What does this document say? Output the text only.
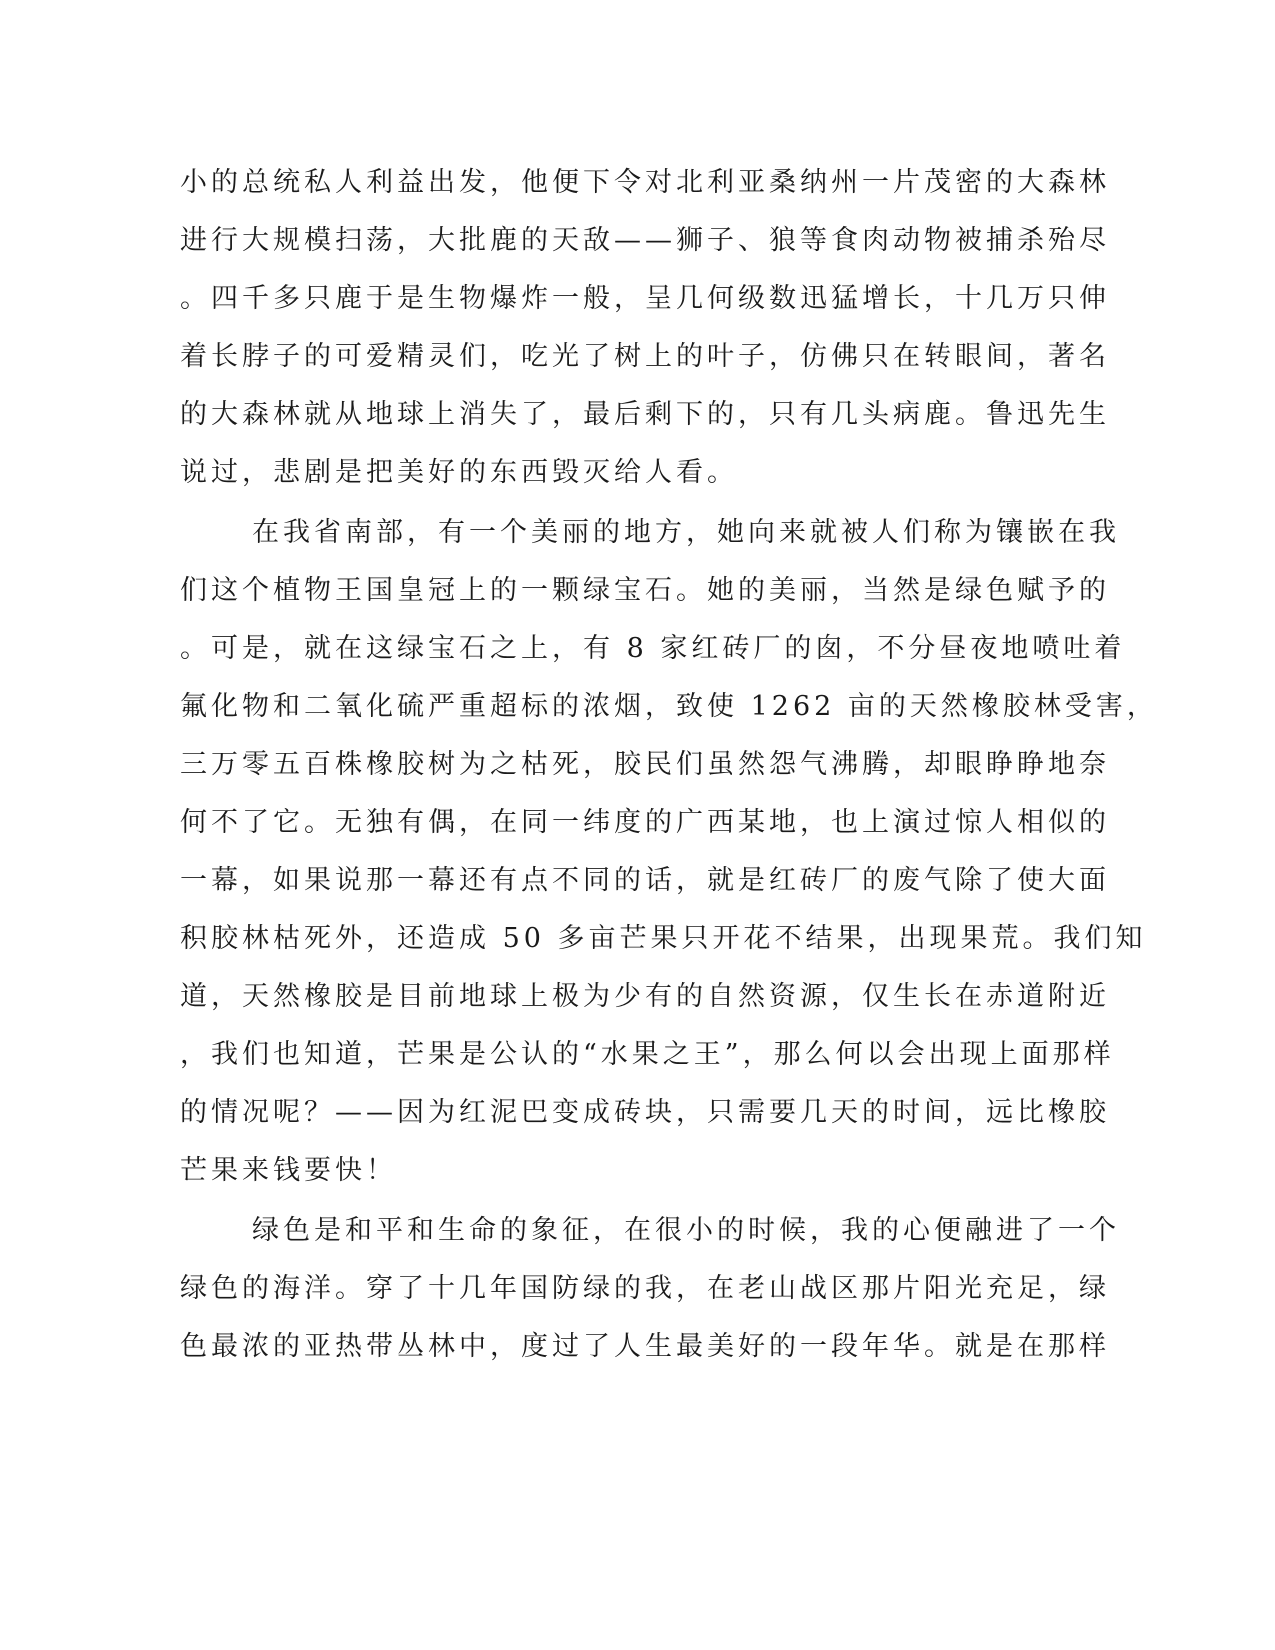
小的总统私人利益出发，他便下令对北利亚桑纳州一片茂密的大森林
进行大规模扫荡，大批鹿的天敌——狮子、狼等食肉动物被捕杀殆尽
。四千多只鹿于是生物爆炸一般，呈几何级数迅猛增长，十几万只伸
着长脖子的可爱精灵们，吃光了树上的叶子，仿佛只在转眼间，著名
的大森林就从地球上消失了，最后剩下的，只有几头病鹿。鲁迅先生
说过，悲剧是把美好的东西毁灭给人看。
在我省南部，有一个美丽的地方，她向来就被人们称为镶嵌在我
们这个植物王国皇冠上的一颗绿宝石。她的美丽，当然是绿色赋予的
。可是，就在这绿宝石之上，有 8 家红砖厂的囱，不分昼夜地喷吐着
氟化物和二氧化硫严重超标的浓烟，致使 1262 亩的天然橡胶林受害，
三万零五百株橡胶树为之枯死，胶民们虽然怨气沸腾，却眼睁睁地奈
何不了它。无独有偶，在同一纬度的广西某地，也上演过惊人相似的
一幕，如果说那一幕还有点不同的话，就是红砖厂的废气除了使大面
积胶林枯死外，还造成 50 多亩芒果只开花不结果，出现果荒。我们知
道，天然橡胶是目前地球上极为少有的自然资源，仅生长在赤道附近
，我们也知道，芒果是公认的“水果之王”，那么何以会出现上面那样
的情况呢？——因为红泥巴变成砖块，只需要几天的时间，远比橡胶
芒果来钱要快！
绿色是和平和生命的象征，在很小的时候，我的心便融进了一个
绿色的海洋。穿了十几年国防绿的我，在老山战区那片阳光充足，绿
色最浓的亚热带丛林中，度过了人生最美好的一段年华。就是在那样
